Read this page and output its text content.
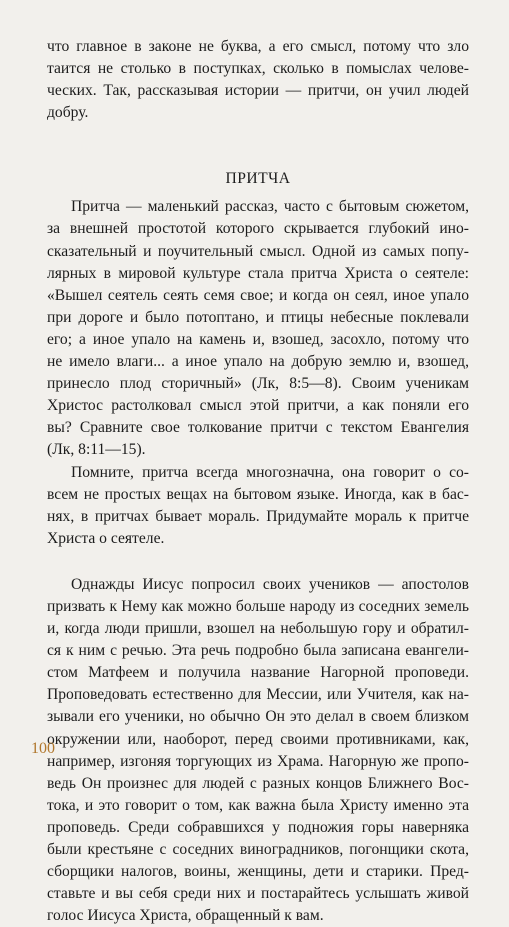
что главное в законе не буква, а его смысл, потому что зло
таится не столько в поступках, сколько в помыслах челове-
ческих. Так, рассказывая истории — притчи, он учил людей
добру.

ПРИТЧА

Притча — маленький рассказ, часто с бытовым сюжетом,
за внешней простотой которого скрывается глубокий ино-
сказательный и поучительный смысл. Одной из самых попу-
лярных в мировой культуре стала притча Христа о сеятеле:
«Вышел сеятель сеять семя свое; и когда он сеял, иное упало
при дороге и было потоптано, и птицы небесные поклевали
его; а иное упало на камень и, взошед, засохло, потому что
не имело влаги... а иное упало на добрую землю и, взошед,
принесло плод сторичный» (Лк, 8:5—8). Своим ученикам
Христос растолковал смысл этой притчи, а как поняли его
вы? Сравните свое толкование притчи с текстом Евангелия
(Лк, 8:11—15).

Помните, притча всегда многозначна, она говорит о со-
всем не простых вещах на бытовом языке. Иногда, как в бас-
нях, в притчах бывает мораль. Придумайте мораль к притче
Христа о сеятеле.

Однажды Иисус попросил своих учеников — апостолов
призвать к Нему как можно больше народу из соседних земель
и, когда люди пришли, взошел на небольшую гору и обратил-
ся к ним с речью. Эта речь подробно была записана евангели-
стом Матфеем и получила название Нагорной проповеди.
Проповедовать естественно для Мессии, или Учителя, как на-
зывали его ученики, но обычно Он это делал в своем близком
окружении или, наоборот, перед своими противниками, как,
например, изгоняя торгующих из Храма. Нагорную же пропо-
ведь Он произнес для людей с разных концов Ближнего Вос-
тока, и это говорит о том, как важна была Христу именно эта
проповедь. Среди собравшихся у подножия горы наверняка
были крестьяне с соседних виноградников, погонщики скота,
сборщики налогов, воины, женщины, дети и старики. Пред-
ставьте и вы себя среди них и постарайтесь услышать живой
голос Иисуса Христа, обращенный к вам.

100
